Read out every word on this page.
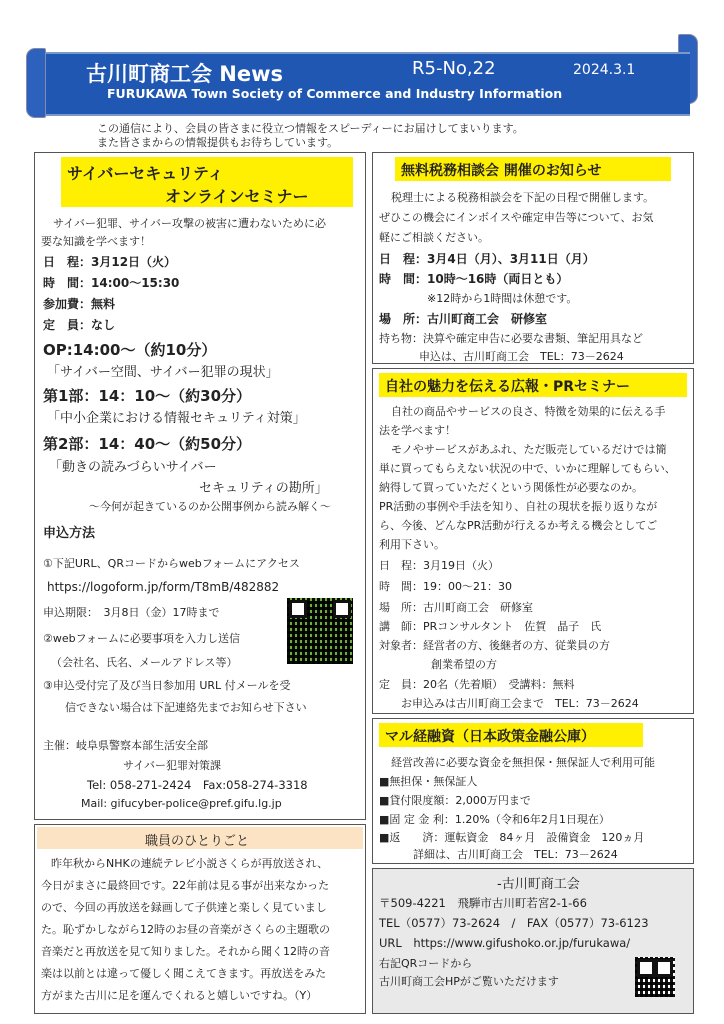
古川町商工会 News	R5-No,22	2024.3.1
FURUKAWA Town Society of Commerce and Industry Information
この通信により、会員の皆さまに役立つ情報をスピーディーにお届けしてまいります。
また皆さまからの情報提供もお待ちしています。
サイバーセキュリティ
オンラインセミナー
サイバー犯罪、サイバー攻撃の被害に遭わないために必
要な知識を学べます！
日　程：3月12日（火）
時　間：14:00～15:30
参加費：無料
定　員：なし
OP:14:00～（約10分）
「サイバー空間、サイバー犯罪の現状」
第1部：14：10～（約30分）
「中小企業における情報セキュリティ対策」
第2部：14：40～（約50分）
「動きの読みづらいサイバー
セキュリティの勘所」
～今何が起きているのか公開事例から読み解く～
申込方法
①下記URL、QRコードからwebフォームにアクセス
https://logoform.jp/form/T8mB/482882
申込期限：　3月8日（金）17時まで
②webフォームに必要事項を入力し送信
（会社名、氏名、メールアドレス等）
③申込受付完了及び当日参加用 URL 付メールを受
信できない場合は下記連絡先までお知らせ下さい
主催：岐阜県警察本部生活安全部
サイバー犯罪対策課
Tel: 058-271-2424　Fax:058-274-3318
Mail: gifucyber-police@pref.gifu.lg.jp
職員のひとりごと
昨年秋からNHKの連続テレビ小説さくらが再放送され、
今日がまさに最終回です。22年前は見る事が出来なかった
ので、今回の再放送を録画して子供達と楽しく見ていまし
た。恥ずかしながら12時のお昼の音楽がさくらの主題歌の
音楽だと再放送を見て知りました。それから聞く12時の音
楽は以前とは違って優しく聞こえてきます。再放送をみた
方がまた古川に足を運んでくれると嬉しいですね。（Y）
無料税務相談会 開催のお知らせ
税理士による税務相談会を下記の日程で開催します。
ぜひこの機会にインボイスや確定申告等について、お気
軽にご相談ください。
日　程：3月4日（月）、3月11日（月）
時　間：10時～16時（両日とも）
※12時から1時間は休憩です。
場　所：古川町商工会　研修室
持ち物：決算や確定申告に必要な書類、筆記用具など
申込は、古川町商工会　TEL：73－2624
自社の魅力を伝える広報・PRセミナー
自社の商品やサービスの良さ、特徴を効果的に伝える手
法を学べます！
モノやサービスがあふれ、ただ販売しているだけでは簡
単に買ってもらえない状況の中で、いかに理解してもらい、
納得して買っていただくという関係性が必要なのか。
PR活動の事例や手法を知り、自社の現状を振り返りなが
ら、今後、どんなPR活動が行えるか考える機会としてご
利用下さい。
日　程：3月19日（火）
時　間：19：00～21：30
場　所：古川町商工会　研修室
講　師：PRコンサルタント　佐賀　晶子　氏
対象者：経営者の方、後継者の方、従業員の方
創業希望の方
定　員：20名（先着順）　受講料：無料
お申込みは古川町商工会まで　TEL：73－2624
マル経融資（日本政策金融公庫）
経営改善に必要な資金を無担保・無保証人で利用可能
■無担保・無保証人
■貸付限度額：2,000万円まで
■固 定 金 利：1.20%（令和6年2月1日現在）
■返　　済：運転資金　84ヶ月　設備資金　120ヵ月
詳細は、古川町商工会　TEL：73－2624
-古川町商工会
〒509-4221　飛騨市古川町若宮2-1-66
TEL（0577）73-2624　/　FAX（0577）73-6123
URL　https://www.gifushoko.or.jp/furukawa/
右記QRコードから
古川町商工会HPがご覧いただけます
